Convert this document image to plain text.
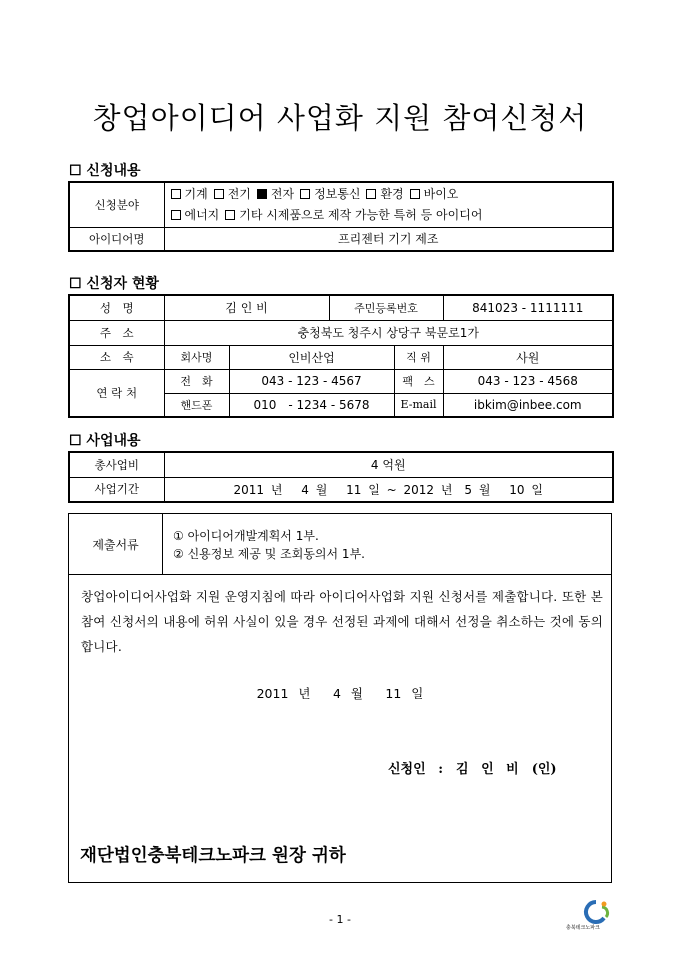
창업아이디어 사업화 지원 참여신청서
☐ 신청내용
신청분야	기계 전기 전자 정보통신 환경 바이오
에너지 기타 시제품으로 제작 가능한 특허 등 아이디어

아이디어명	프리젠터 기기 제조
☐ 신청자 현황
성　명	김 인 비		주민등록번호		841023 - 1111111
주　소	충청북도 청주시 상당구 북문로1가				
소　속	회사명	인비산업		직 위	사원
연 락 처	전　화	043 - 123 - 4567		팩　스	043 - 123 - 4568
	핸드폰	010　- 1234 - 5678		E-mail	ibkim@inbee.com
☐ 사업내용
총사업비	4 억원
사업기간	2011 년　 4 월　 11 일 ~ 2012 년　5 월　 10 일
제출서류
① 아이디어개발계획서 1부.
② 신용정보 제공 및 조회동의서 1부.
창업아이디어사업화 지원 운영지침에 따라 아이디어사업화 지원 신청서를 제출합니다. 또한 본 참여 신청서의 내용에 허위 사실이 있을 경우 선정된 과제에 대해서 선정을 취소하는 것에 동의합니다.
2011 년　 4 월　 11 일
신청인 :　김 인 비　(인)
재단법인충북테크노파크 원장 귀하
- 1 -
충북테크노파크
